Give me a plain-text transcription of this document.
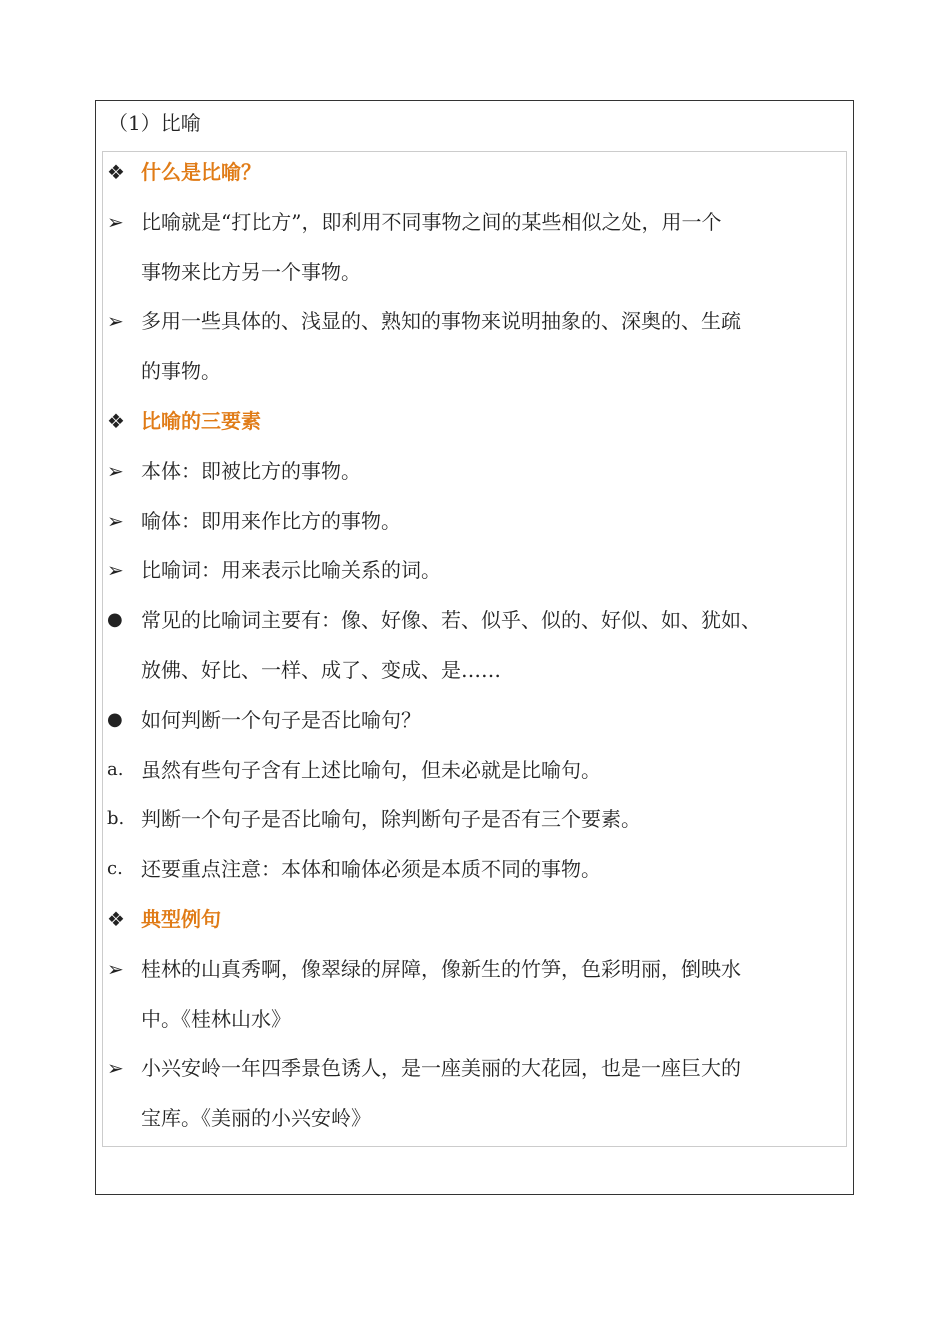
（1）比喻
❖ 什么是比喻？
➢ 比喻就是“打比方”，即利用不同事物之间的某些相似之处，用一个
事物来比方另一个事物。
➢ 多用一些具体的、浅显的、熟知的事物来说明抽象的、深奥的、生疏
的事物。
❖ 比喻的三要素
➢ 本体：即被比方的事物。
➢ 喻体：即用来作比方的事物。
➢ 比喻词：用来表示比喻关系的词。
● 常见的比喻词主要有：像、好像、若、似乎、似的、好似、如、犹如、
放佛、好比、一样、成了、变成、是……
● 如何判断一个句子是否比喻句？
a. 虽然有些句子含有上述比喻句，但未必就是比喻句。
b. 判断一个句子是否比喻句，除判断句子是否有三个要素。
c. 还要重点注意：本体和喻体必须是本质不同的事物。
❖ 典型例句
➢ 桂林的山真秀啊，像翠绿的屏障，像新生的竹笋，色彩明丽，倒映水
中。《桂林山水》
➢ 小兴安岭一年四季景色诱人，是一座美丽的大花园，也是一座巨大的
宝库。《美丽的小兴安岭》
